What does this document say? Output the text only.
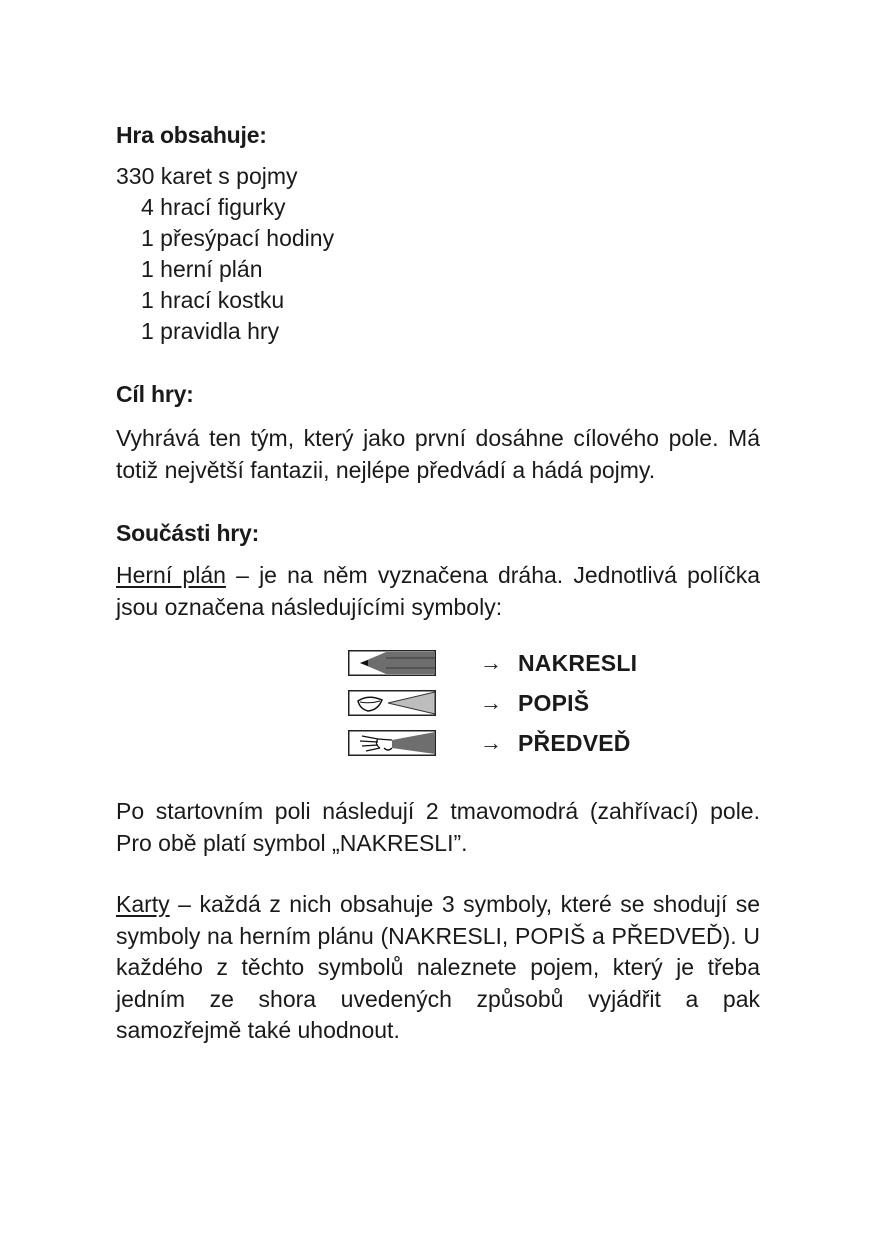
Hra obsahuje:

330 karet s pojmy

4 hrací figurky

1 přesýpací hodiny

1 herní plán

1 hrací kostku

1 pravidla hry

Cíl hry:

Vyhrává ten tým, který jako první dosáhne cílového pole. Má totiž největší fantazii, nejlépe předvádí a hádá pojmy.

Součásti hry:

Herní plán – je na něm vyznačena dráha. Jednotlivá políčka jsou označena následujícími symboly:

→ NAKRESLI
→ POPIŠ
→ PŘEDVEĎ

Po startovním poli následují 2 tmavomodrá (zahřívací) pole. Pro obě platí symbol „NAKRESLI”.

Karty – každá z nich obsahuje 3 symboly, které se shodují se symboly na herním plánu (NAKRESLI, POPIŠ a PŘEDVEĎ). U každého z těchto symbolů naleznete pojem, který je třeba jedním ze shora uvedených způsobů vyjádřit a pak samozřejmě také uhodnout.
